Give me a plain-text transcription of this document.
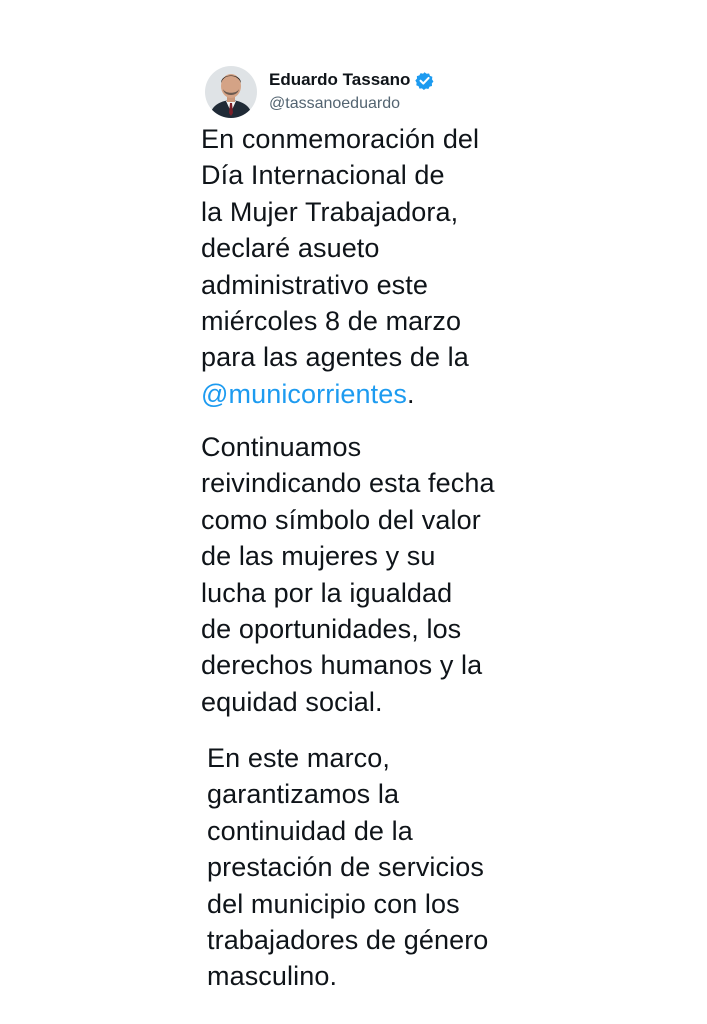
Eduardo Tassano
@tassanoeduardo

En conmemoración del
Día Internacional de
la Mujer Trabajadora,
declaré asueto
administrativo este
miércoles 8 de marzo
para las agentes de la
@municorrientes.

Continuamos
reivindicando esta fecha
como símbolo del valor
de las mujeres y su
lucha por la igualdad
de oportunidades, los
derechos humanos y la
equidad social.

En este marco,
garantizamos la
continuidad de la
prestación de servicios
del municipio con los
trabajadores de género
masculino.
